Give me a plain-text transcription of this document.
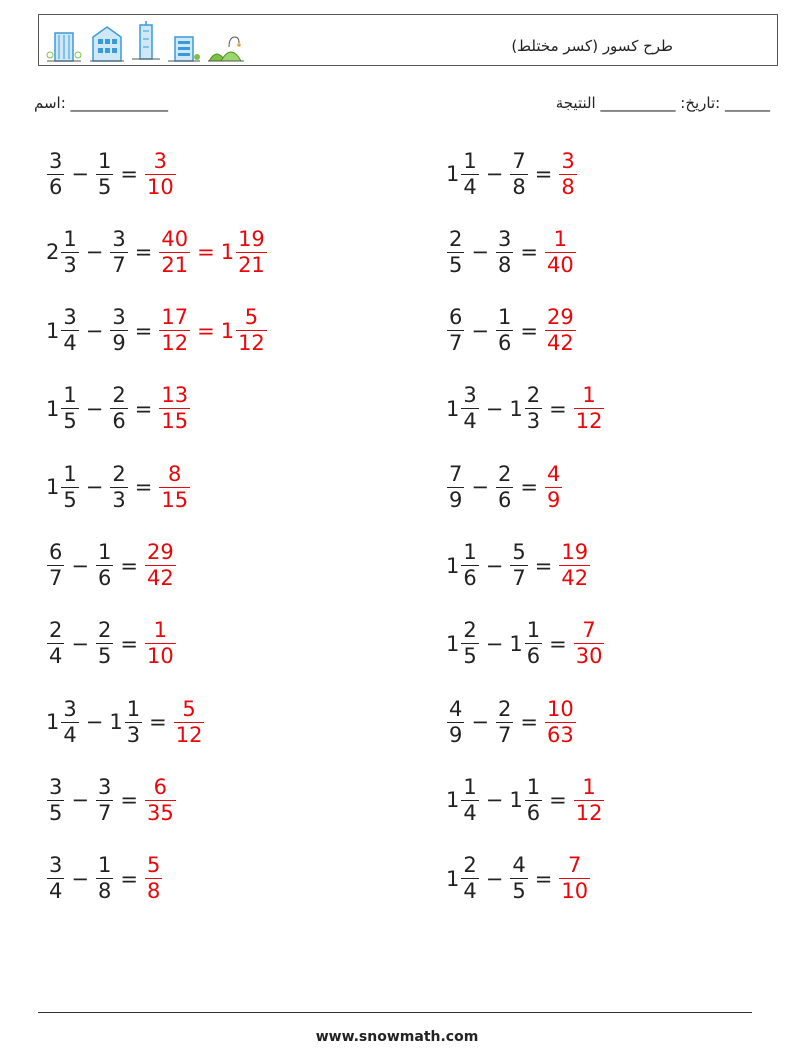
طرح كسور (كسر مختلط)
اسم: _____________	______ :تاريخ: __________ النتيجة
$\frac{3}{6} - \frac{1}{5} = \frac{3}{10}$	$1 \frac{1}{4} - \frac{7}{8} = \frac{3}{8}$
$2 \frac{1}{3} - \frac{3}{7} = \frac{40}{21} = 1 \frac{19}{21}$	$\frac{2}{5} - \frac{3}{8} = \frac{1}{40}$
$1 \frac{3}{4} - \frac{3}{9} = \frac{17}{12} = 1 \frac{5}{12}$	$\frac{6}{7} - \frac{1}{6} = \frac{29}{42}$
$1 \frac{1}{5} - \frac{2}{6} = \frac{13}{15}$	$1 \frac{3}{4} - 1 \frac{2}{3} = \frac{1}{12}$
$1 \frac{1}{5} - \frac{2}{3} = \frac{8}{15}$	$\frac{7}{9} - \frac{2}{6} = \frac{4}{9}$
$\frac{6}{7} - \frac{1}{6} = \frac{29}{42}$	$1 \frac{1}{6} - \frac{5}{7} = \frac{19}{42}$
$\frac{2}{4} - \frac{2}{5} = \frac{1}{10}$	$1 \frac{2}{5} - 1 \frac{1}{6} = \frac{7}{30}$
$1 \frac{3}{4} - 1 \frac{1}{3} = \frac{5}{12}$	$\frac{4}{9} - \frac{2}{7} = \frac{10}{63}$
$\frac{3}{5} - \frac{3}{7} = \frac{6}{35}$	$1 \frac{1}{4} - 1 \frac{1}{6} = \frac{1}{12}$
$\frac{3}{4} - \frac{1}{8} = \frac{5}{8}$	$1 \frac{2}{4} - \frac{4}{5} = \frac{7}{10}$
www.snowmath.com
